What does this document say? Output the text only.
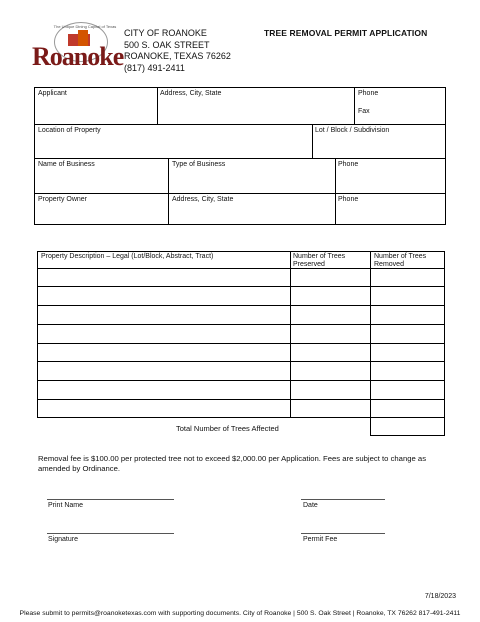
The Unique Dining Capital of Texas
Roanoke
CITY OF ROANOKE
500 S. OAK STREET
ROANOKE, TEXAS 76262
(817) 491-2411
TREE REMOVAL PERMIT APPLICATION
Applicant	Address, City, State	Phone
Fax
Location of Property	Lot / Block / Subdivision
Name of Business	Type of Business	Phone
Property Owner	Address, City, State	Phone
Property Description – Legal (Lot/Block, Abstract, Tract)	Number of Trees
Preserved
Number of Trees
Removed
Total Number of Trees Affected
Removal fee is $100.00 per protected tree not to exceed $2,000.00 per Application. Fees are subject to change as amended by Ordinance.
Print Name	Date
Signature	Permit Fee
7/18/2023
Please submit to permits@roanoketexas.com with supporting documents. City of Roanoke | 500 S. Oak Street | Roanoke, TX 76262 817-491-2411
